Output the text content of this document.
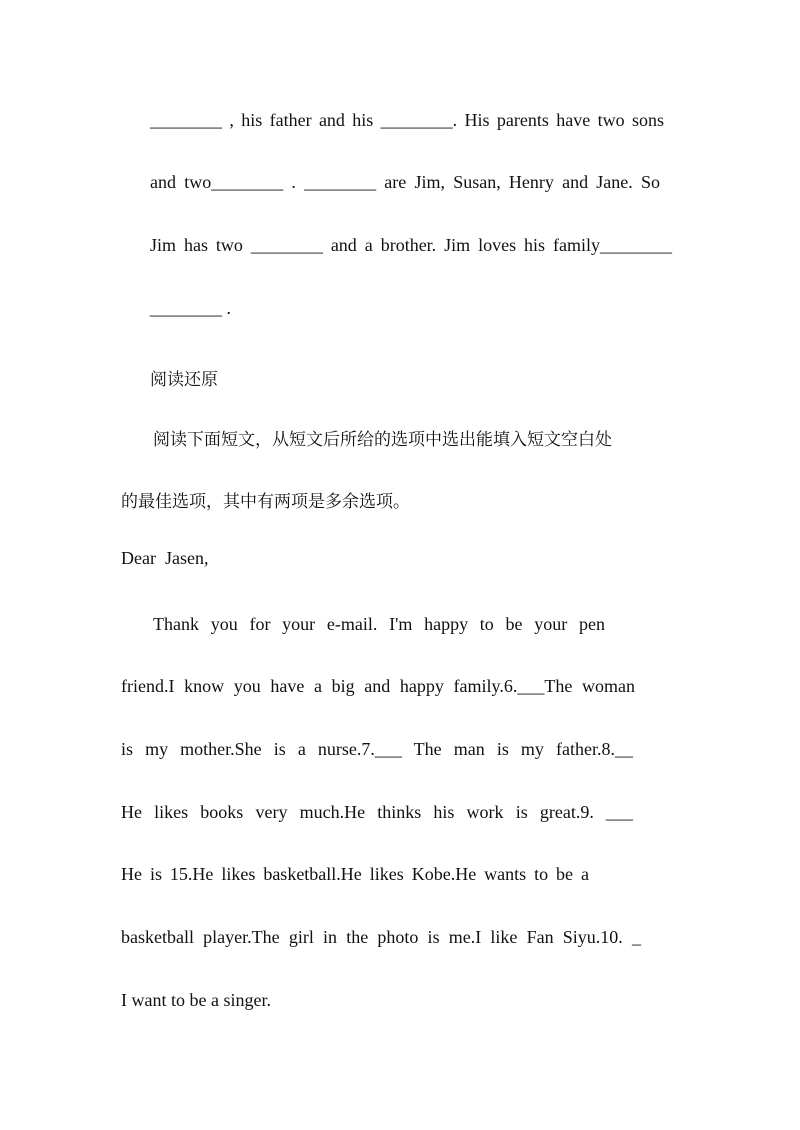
________ , his father and his ________. His parents have two sons

and two________ . ________ are Jim, Susan, Henry and Jane. So

Jim has two ________ and a brother. Jim loves his family________

________ .

阅读还原

阅读下面短文，从短文后所给的选项中选出能填入短文空白处

的最佳选项，其中有两项是多余选项。

Dear  Jasen,

Thank you for your e-mail. I'm happy to be your pen

friend.I know you have a big and happy family.6.___The woman

is my mother.She is a nurse.7.___ The man is my father.8.__

He likes books very much.He thinks his work is great.9. ___

He is 15.He likes basketball.He likes Kobe.He wants to be a

basketball player.The girl in the photo is me.I like Fan Siyu.10. _

I want to be a singer.
